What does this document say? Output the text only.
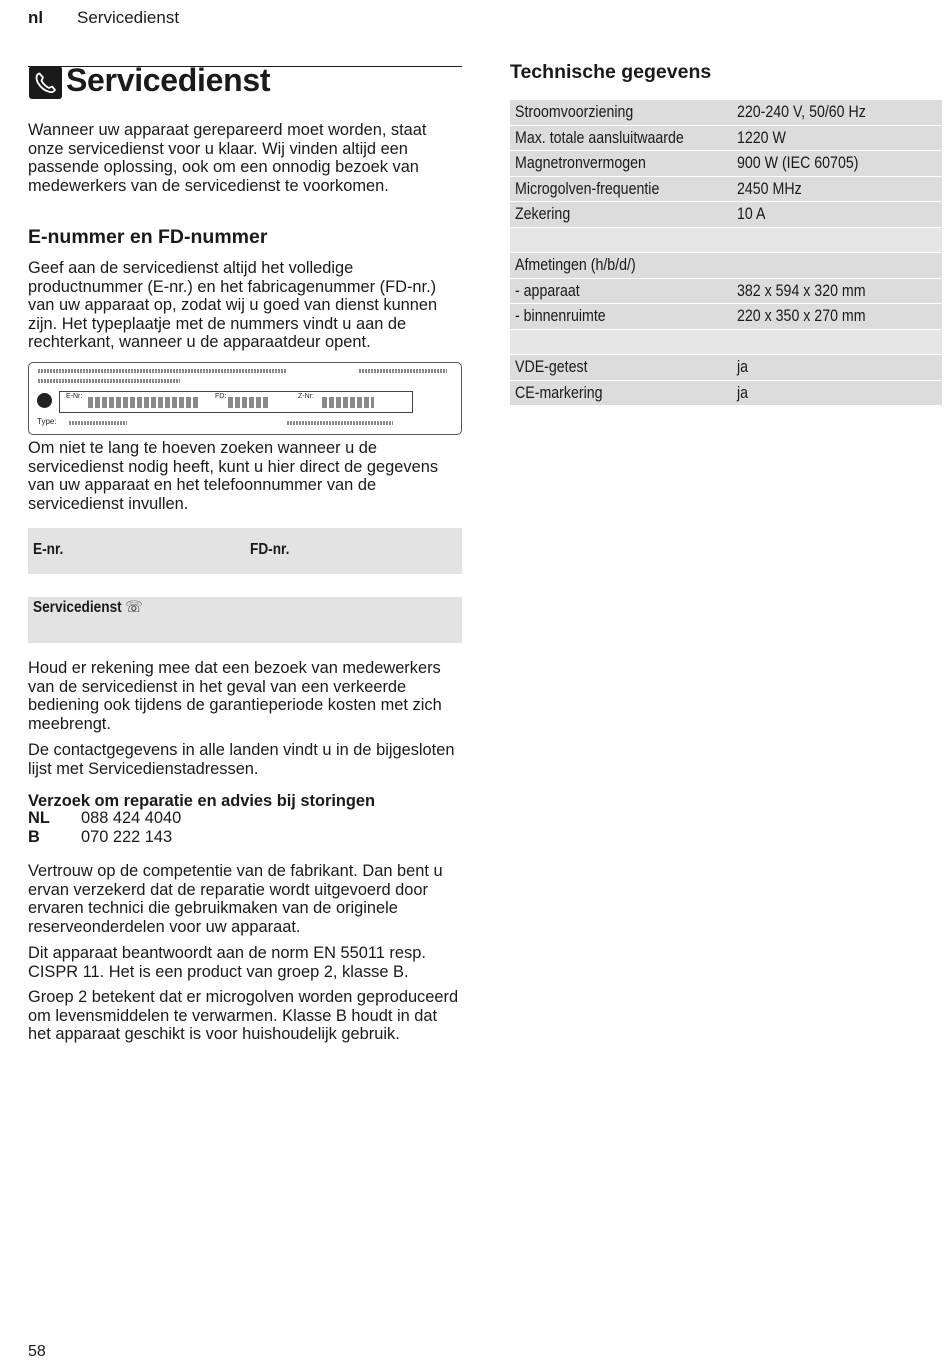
nl Servicedienst
Servicedienst

Wanneer uw apparaat gerepareerd moet worden, staat onze servicedienst voor u klaar. Wij vinden altijd een passende oplossing, ook om een onnodig bezoek van medewerkers van de servicedienst te voorkomen.

E-nummer en FD-nummer

Geef aan de servicedienst altijd het volledige productnummer (E-nr.) en het fabricagenummer (FD-nr.) van uw apparaat op, zodat wij u goed van dienst kunnen zijn. Het typeplaatje met de nummers vindt u aan de rechterkant, wanneer u de apparaatdeur opent.

E-Nr:	FD:	Z-Nr:
Type:

Om niet te lang te hoeven zoeken wanneer u de servicedienst nodig heeft, kunt u hier direct de gegevens van uw apparaat en het telefoonnummer van de servicedienst invullen.

E-nr.	FD-nr.
Servicedienst ☏

Houd er rekening mee dat een bezoek van medewerkers van de servicedienst in het geval van een verkeerde bediening ook tijdens de garantieperiode kosten met zich meebrengt.

De contactgegevens in alle landen vindt u in de bijgesloten lijst met Servicedienstadressen.

Verzoek om reparatie en advies bij storingen
NL 088 424 4040
B	070 222 143

Vertrouw op de competentie van de fabrikant. Dan bent u ervan verzekerd dat de reparatie wordt uitgevoerd door ervaren technici die gebruikmaken van de originele reserveonderdelen voor uw apparaat.

Dit apparaat beantwoordt aan de norm EN 55011 resp. CISPR 11. Het is een product van groep 2, klasse B.

Groep 2 betekent dat er microgolven worden geproduceerd om levensmiddelen te verwarmen. Klasse B houdt in dat het apparaat geschikt is voor huishoudelijk gebruik.

Technische gegevens
Stroomvoorziening	220-240 V, 50/60 Hz
Max. totale aansluitwaarde	1220 W
Magnetronvermogen	900 W (IEC 60705)
Microgolven-frequentie	2450 MHz
Zekering	10 A
Afmetingen (h/b/d/)
- apparaat	382 x 594 x 320 mm
- binnenruimte	220 x 350 x 270 mm
VDE-getest	ja
CE-markering	ja
58
